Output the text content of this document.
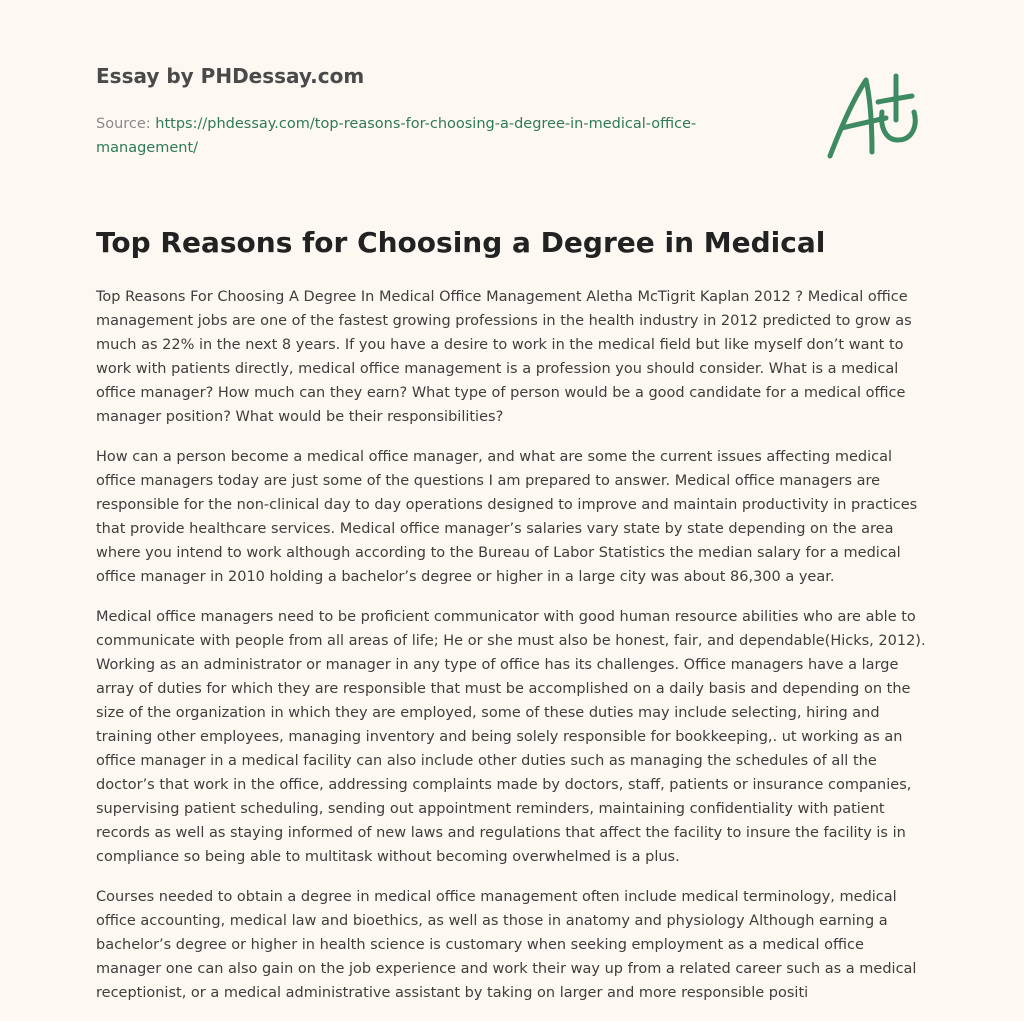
Essay by PHDessay.com
Source: https://phdessay.com/top-reasons-for-choosing-a-degree-in-medical-office-management/
Top Reasons for Choosing a Degree in Medical

Top Reasons For Choosing A Degree In Medical Office Management Aletha McTigrit Kaplan 2012 ? Medical office management jobs are one of the fastest growing professions in the health industry in 2012 predicted to grow as much as 22% in the next 8 years. If you have a desire to work in the medical field but like myself don’t want to work with patients directly, medical office management is a profession you should consider. What is a medical office manager? How much can they earn? What type of person would be a good candidate for a medical office manager position? What would be their responsibilities?

How can a person become a medical office manager, and what are some the current issues affecting medical office managers today are just some of the questions I am prepared to answer. Medical office managers are responsible for the non-clinical day to day operations designed to improve and maintain productivity in practices that provide healthcare services. Medical office manager’s salaries vary state by state depending on the area where you intend to work although according to the Bureau of Labor Statistics the median salary for a medical office manager in 2010 holding a bachelor’s degree or higher in a large city was about 86,300 a year.

Medical office managers need to be proficient communicator with good human resource abilities who are able to communicate with people from all areas of life; He or she must also be honest, fair, and dependable(Hicks, 2012). Working as an administrator or manager in any type of office has its challenges. Office managers have a large array of duties for which they are responsible that must be accomplished on a daily basis and depending on the size of the organization in which they are employed, some of these duties may include selecting, hiring and training other employees, managing inventory and being solely responsible for bookkeeping,. ut working as an office manager in a medical facility can also include other duties such as managing the schedules of all the doctor’s that work in the office, addressing complaints made by doctors, staff, patients or insurance companies, supervising patient scheduling, sending out appointment reminders, maintaining confidentiality with patient records as well as staying informed of new laws and regulations that affect the facility to insure the facility is in compliance so being able to multitask without becoming overwhelmed is a plus.

Courses needed to obtain a degree in medical office management often include medical terminology, medical office accounting, medical law and bioethics, as well as those in anatomy and physiology Although earning a bachelor’s degree or higher in health science is customary when seeking employment as a medical office manager one can also gain on the job experience and work their way up from a related career such as a medical receptionist, or a medical administrative assistant by taking on larger and more responsible positi
